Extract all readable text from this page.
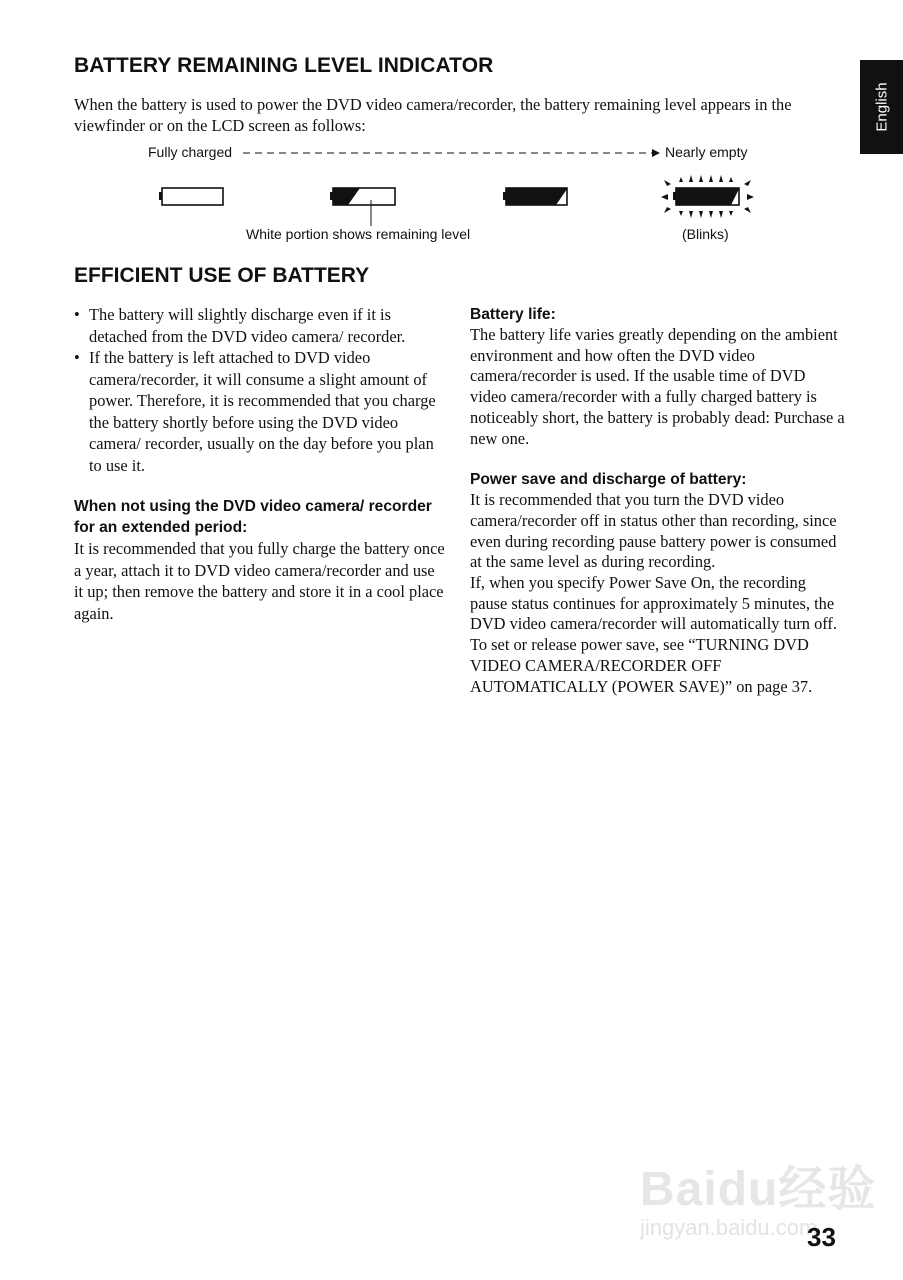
English
BATTERY REMAINING LEVEL INDICATOR
When the battery is used to power the DVD video camera/recorder, the battery remaining level appears in the viewfinder or on the LCD screen as follows:
Fully charged	Nearly empty
White portion shows remaining level	(Blinks)
EFFICIENT USE OF BATTERY
• The battery will slightly discharge even if it is detached from the DVD video camera/ recorder.
• If the battery is left attached to DVD video camera/recorder, it will consume a slight amount of power. Therefore, it is recommended that you charge the battery shortly before using the DVD video camera/ recorder, usually on the day before you plan to use it.
When not using the DVD video camera/ recorder for an extended period:

It is recommended that you fully charge the battery once a year, attach it to DVD video camera/recorder and use it up; then remove the battery and store it in a cool place again.

Battery life:

The battery life varies greatly depending on the ambient environment and how often the DVD video camera/recorder is used. If the usable time of DVD video camera/recorder with a fully charged battery is noticeably short, the battery is probably dead: Purchase a new one.

Power save and discharge of battery:

It is recommended that you turn the DVD video camera/recorder off in status other than recording, since even during recording pause battery power is consumed at the same level as during recording.

If, when you specify Power Save On, the recording pause status continues for approximately 5 minutes, the DVD video camera/recorder will automatically turn off.

To set or release power save, see “TURNING DVD VIDEO CAMERA/RECORDER OFF AUTOMATICALLY (POWER SAVE)” on page 37.

Baidu经验
jingyan.baidu.com
33
